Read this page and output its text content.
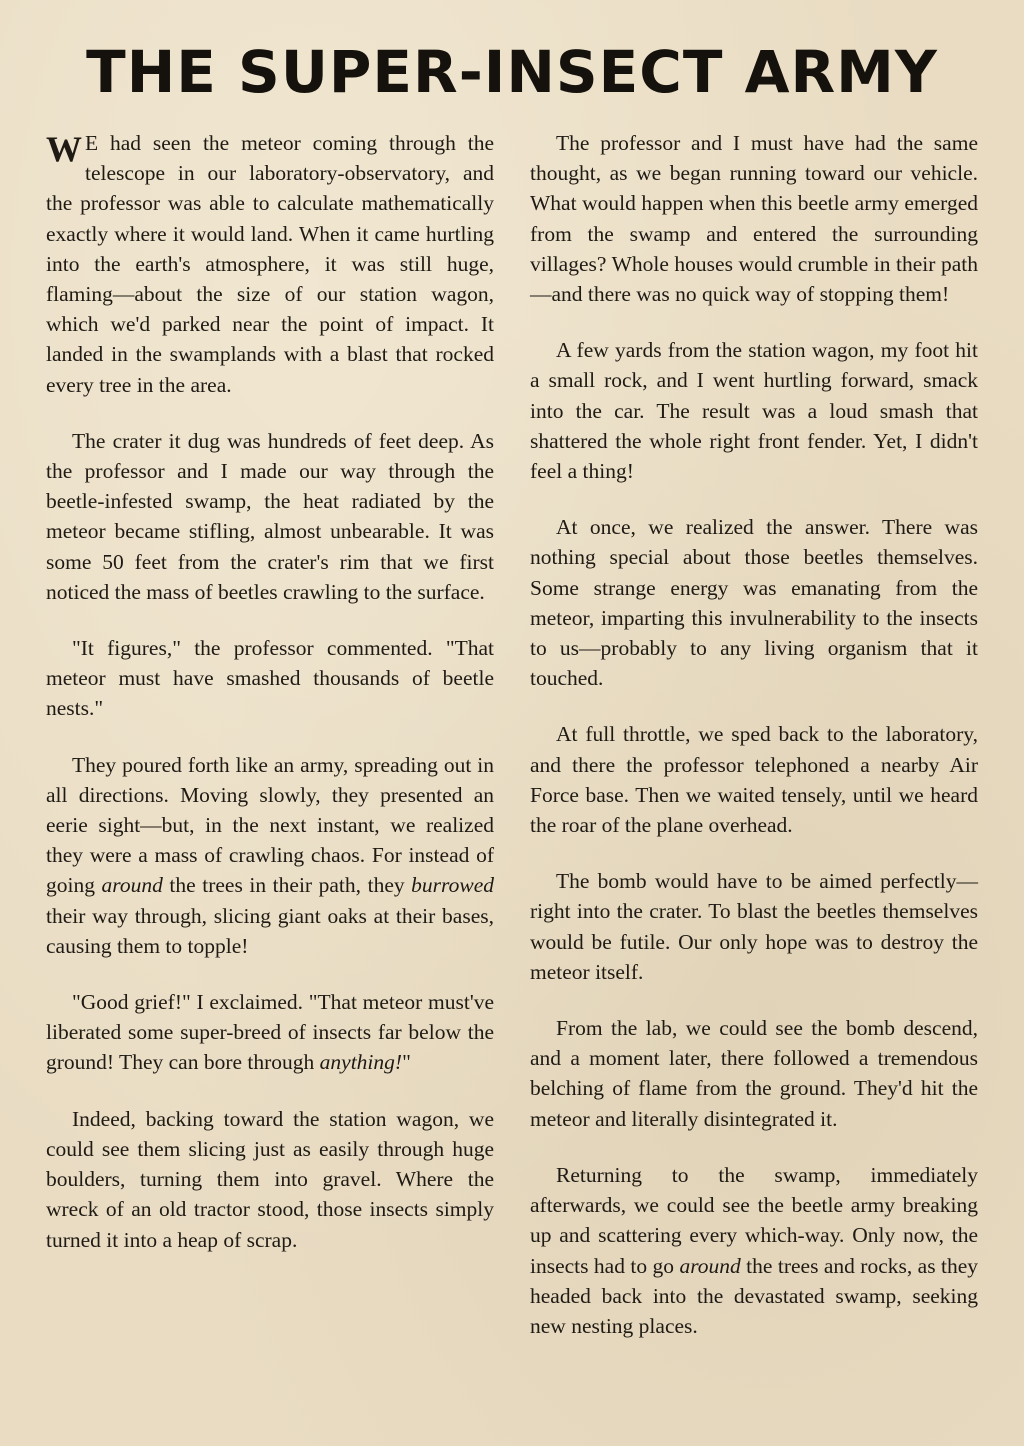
THE SUPER-INSECT ARMY

W E had seen the meteor coming through the telescope in our laboratory-observatory, and the professor was able to calculate mathematically exactly where it would land. When it came hurtling into the earth's atmosphere, it was still huge, flaming—about the size of our station wagon, which we'd parked near the point of impact. It landed in the swamplands with a blast that rocked every tree in the area.

The crater it dug was hundreds of feet deep. As the professor and I made our way through the beetle-infested swamp, the heat radiated by the meteor became stifling, almost unbearable. It was some 50 feet from the crater's rim that we first noticed the mass of beetles crawling to the surface.

"It figures," the professor commented. "That meteor must have smashed thousands of beetle nests."

They poured forth like an army, spreading out in all directions. Moving slowly, they presented an eerie sight—but, in the next instant, we realized they were a mass of crawling chaos. For instead of going around the trees in their path, they burrowed their way through, slicing giant oaks at their bases, causing them to topple!

"Good grief!" I exclaimed. "That meteor must've liberated some super-breed of insects far below the ground! They can bore through anything!"

Indeed, backing toward the station wagon, we could see them slicing just as easily through huge boulders, turning them into gravel. Where the wreck of an old tractor stood, those insects simply turned it into a heap of scrap.

The professor and I must have had the same thought, as we began running toward our vehicle. What would happen when this beetle army emerged from the swamp and entered the surrounding villages? Whole houses would crumble in their path—and there was no quick way of stopping them!

A few yards from the station wagon, my foot hit a small rock, and I went hurtling forward, smack into the car. The result was a loud smash that shattered the whole right front fender. Yet, I didn't feel a thing!

At once, we realized the answer. There was nothing special about those beetles themselves. Some strange energy was emanating from the meteor, imparting this invulnerability to the insects to us—probably to any living organism that it touched.

At full throttle, we sped back to the laboratory, and there the professor telephoned a nearby Air Force base. Then we waited tensely, until we heard the roar of the plane overhead.

The bomb would have to be aimed perfectly—right into the crater. To blast the beetles themselves would be futile. Our only hope was to destroy the meteor itself.

From the lab, we could see the bomb descend, and a moment later, there followed a tremendous belching of flame from the ground. They'd hit the meteor and literally disintegrated it.

Returning to the swamp, immediately afterwards, we could see the beetle army breaking up and scattering every which-way. Only now, the insects had to go around the trees and rocks, as they headed back into the devastated swamp, seeking new nesting places.
